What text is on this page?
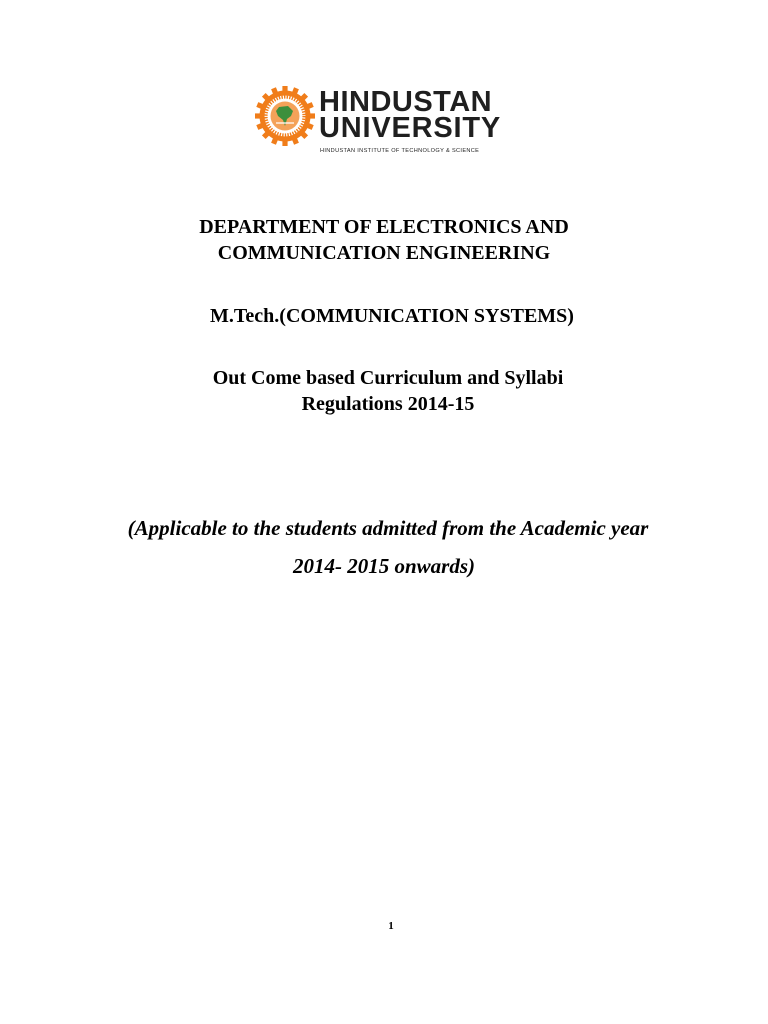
HINDUSTAN
UNIVERSITY
HINDUSTAN INSTITUTE OF TECHNOLOGY & SCIENCE
DEPARTMENT OF ELECTRONICS AND
COMMUNICATION ENGINEERING
M.Tech.(COMMUNICATION SYSTEMS)
Out Come based Curriculum and Syllabi
Regulations 2014-15
(Applicable to the students admitted from the Academic year
2014- 2015 onwards)
1
